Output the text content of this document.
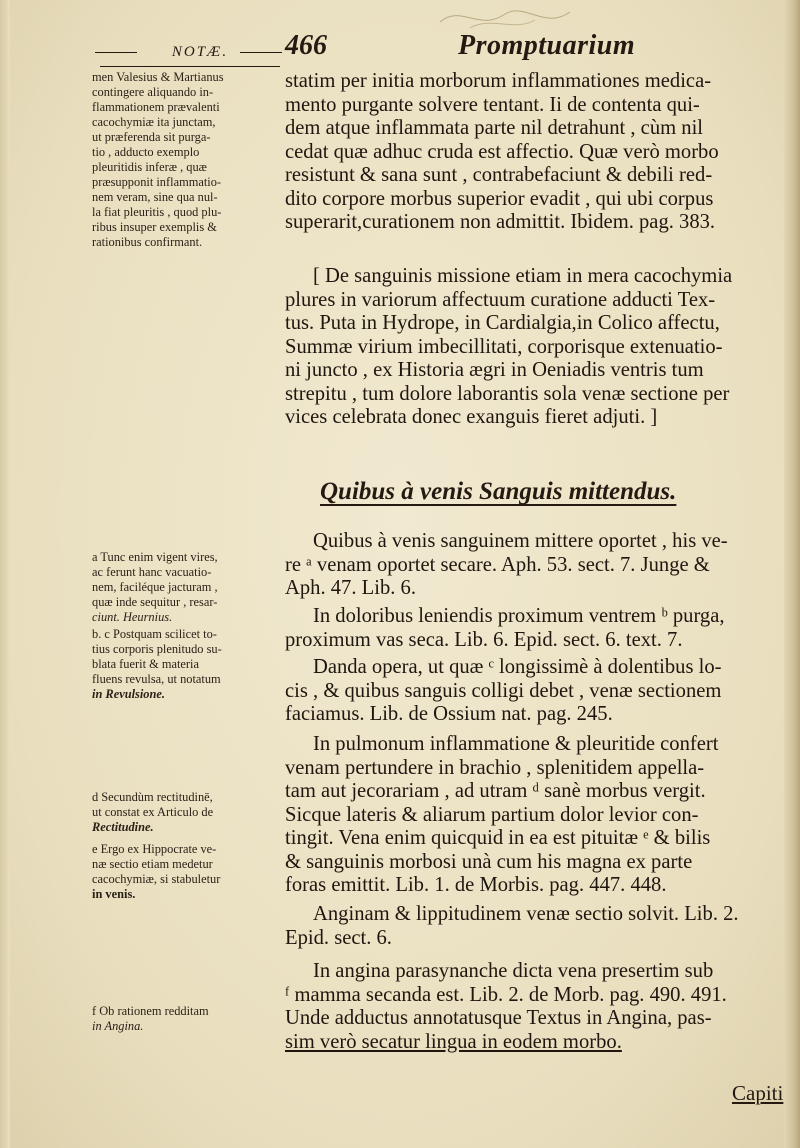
NOTÆ.	466	Promptuarium
men Valesius & Martianus
contingere aliquando in-
flammationem prævalenti
cacochymiæ ita junctam,
ut præferenda sit purga-
tio , adducto exemplo
pleuritidis inferæ , quæ
præsupponit inflammatio-
nem veram, sine qua nul-
la fiat pleuritis , quod plu-
ribus insuper exemplis &
rationibus confirmant.
a Tunc enim vigent vires,
ac ferunt hanc vacuatio-
nem, faciléque jacturam ,
quæ inde sequitur , resar-
ciunt. Heurnius.
b. c Postquam scilicet to-
tius corporis plenitudo su-
blata fuerit & materia
fluens revulsa, ut notatum
in Revulsione.
d Secundùm rectitudinē,
ut constat ex Articulo de
Rectitudine.
e Ergo ex Hippocrate ve-
næ sectio etiam medetur
cacochymiæ, si stabuletur
in venis.
f Ob rationem redditam
in Angina.
statim per initia morborum inflammationes medica-
mento purgante solvere tentant. Ii de contenta qui-
dem atque inflammata parte nil detrahunt , cùm nil
cedat quæ adhuc cruda est affectio. Quæ verò morbo
resistunt & sana sunt , contrabefaciunt & debili red-
dito corpore morbus superior evadit , qui ubi corpus
superarit,curationem non admittit. Ibidem. pag. 383.
[ De sanguinis missione etiam in mera cacochymia
plures in variorum affectuum curatione adducti Tex-
tus. Puta in Hydrope, in Cardialgia,in Colico affectu,
Summæ virium imbecillitati, corporisque extenuatio-
ni juncto , ex Historia ægri in Oeniadis ventris tum
strepitu , tum dolore laborantis sola venæ sectione per
vices celebrata donec exanguis fieret adjuti. ]
Quibus à venis Sanguis mittendus.
Quibus à venis sanguinem mittere oportet , his ve-
re ᵃ venam oportet secare. Aph. 53. sect. 7. Junge &
Aph. 47. Lib. 6.
In doloribus leniendis proximum ventrem ᵇ purga,
proximum vas seca. Lib. 6. Epid. sect. 6. text. 7.
Danda opera, ut quæ ᶜ longissimè à dolentibus lo-
cis , & quibus sanguis colligi debet , venæ sectionem
faciamus. Lib. de Ossium nat. pag. 245.
In pulmonum inflammatione & pleuritide confert
venam pertundere in brachio , splenitidem appella-
tam aut jecorariam , ad utram ᵈ sanè morbus vergit.
Sicque lateris & aliarum partium dolor levior con-
tingit. Vena enim quicquid in ea est pituitæ ᵉ & bilis
& sanguinis morbosi unà cum his magna ex parte
foras emittit. Lib. 1. de Morbis. pag. 447. 448.
Anginam & lippitudinem venæ sectio solvit. Lib. 2.
Epid. sect. 6.
In angina parasynanche dicta vena presertim sub
ᶠ mamma secanda est. Lib. 2. de Morb. pag. 490. 491.
Unde adductus annotatusque Textus in Angina, pas-
sim verò secatur lingua in eodem morbo.
Capiti
